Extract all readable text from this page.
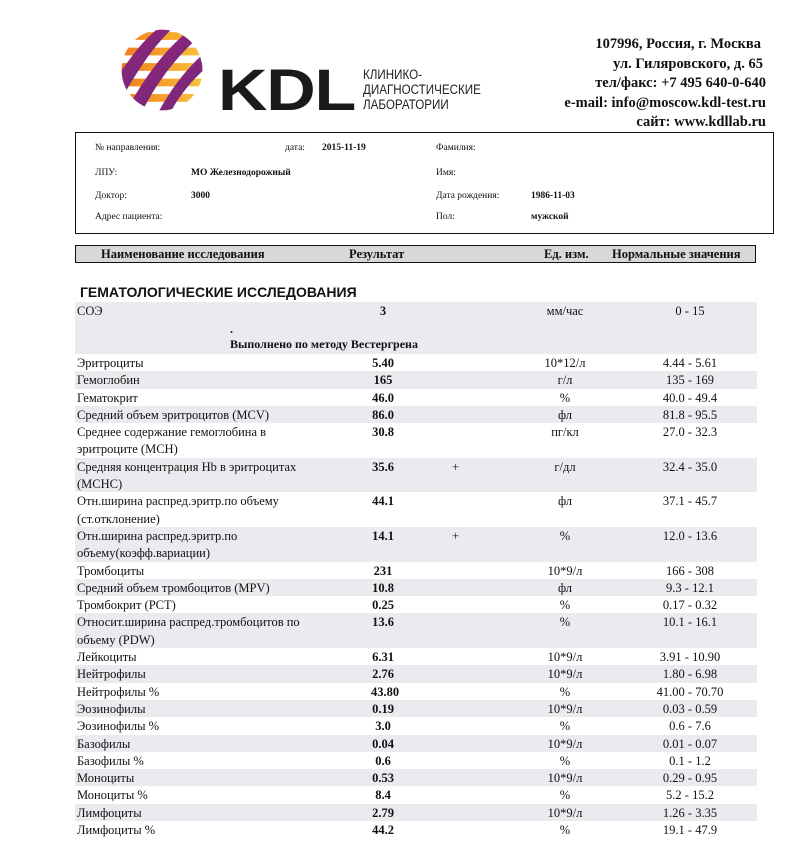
KDL КЛИНИКО-
ДИАГНОСТИЧЕСКИЕ
ЛАБОРАТОРИИ
107996, Россия, г. Москва
ул. Гиляровского, д. 65
тел/факс: +7 495 640-0-640
e-mail: info@moscow.kdl-test.ru
сайт: www.kdllab.ru
№ направления:	дата: 2015-11-19	Фамилия:
ЛПУ:	МО Железнодорожный	Имя:
Доктор:	3000	Дата рождения:	1986-11-03
Адрес пациента:	Пол:	мужской
Наименование исследования	Результат	Ед. изм. Нормальные значения
ГЕМАТОЛОГИЧЕСКИЕ ИССЛЕДОВАНИЯ
СОЭ	3	мм/час	0 - 15
.
Выполнено по методу Вестергрена
Эритроциты	5.40	10*12/л	4.44 - 5.61
Гемоглобин	165	г/л	135 - 169
Гематокрит	46.0	%	40.0 - 49.4
Средний объем эритроцитов (MCV)	86.0	фл	81.8 - 95.5
Среднее содержание гемоглобина в эритроците (MCH)
30.8	пг/кл	27.0 - 32.3
Средняя концентрация Hb в эритроцитах (MCHC)
35.6	+	г/дл	32.4 - 35.0
Отн.ширина распред.эритр.по объему (ст.отклонение)
44.1	фл	37.1 - 45.7
Отн.ширина распред.эритр.по объему(коэфф.вариации)
14.1	+	%	12.0 - 13.6
Тромбоциты	231	10*9/л	166 - 308
Средний объем тромбоцитов (MPV)	10.8	фл	9.3 - 12.1
Тромбокрит (PCT)	0.25	%	0.17 - 0.32
Относит.ширина распред.тромбоцитов по объему (PDW)
13.6	%	10.1 - 16.1
Лейкоциты	6.31	10*9/л	3.91 - 10.90
Нейтрофилы	2.76	10*9/л	1.80 - 6.98
Нейтрофилы %	43.80	%	41.00 - 70.70
Эозинофилы	0.19	10*9/л	0.03 - 0.59
Эозинофилы %	3.0	%	0.6 - 7.6
Базофилы	0.04	10*9/л	0.01 - 0.07
Базофилы %	0.6	%	0.1 - 1.2
Моноциты	0.53	10*9/л	0.29 - 0.95
Моноциты %	8.4	%	5.2 - 15.2
Лимфоциты	2.79	10*9/л	1.26 - 3.35
Лимфоциты %	44.2	%	19.1 - 47.9
